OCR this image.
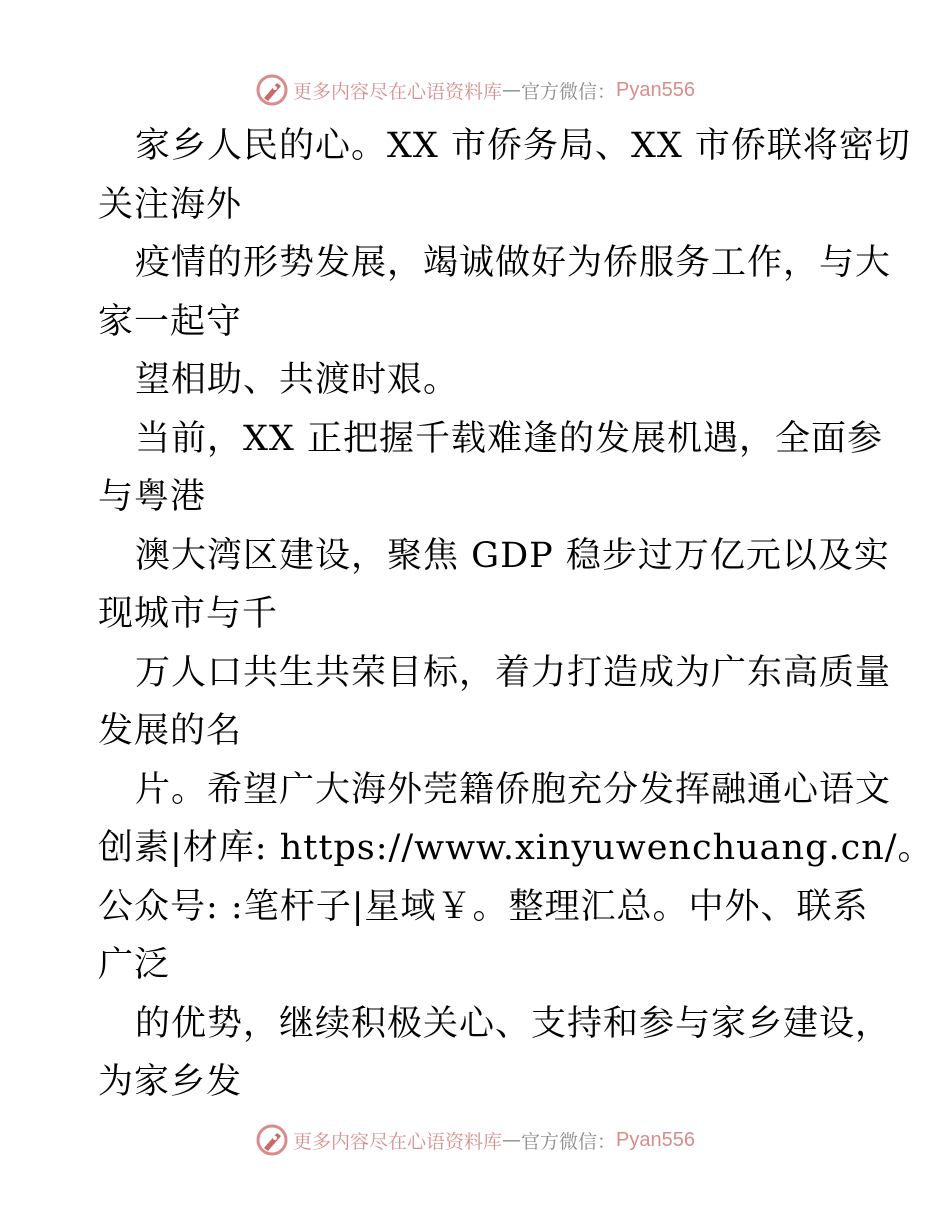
更多内容尽在心语资料库 — 官方微信： Pyan556
家乡人民的心。XX 市侨务局、XX 市侨联将密切
关注海外
疫情的形势发展，竭诚做好为侨服务工作，与大
家一起守
望相助、共渡时艰。
当前，XX 正把握千载难逢的发展机遇，全面参
与粤港
澳大湾区建设，聚焦 GDP 稳步过万亿元以及实
现城市与千
万人口共生共荣目标，着力打造成为广东高质量
发展的名
片。希望广大海外莞籍侨胞充分发挥融通心语文
创素|材库: https://www.xinyuwenchuang.cn/。
公众号: :笔杆子|星域￥。整理汇总。中外、联系
广泛
的优势，继续积极关心、支持和参与家乡建设，
为家乡发
更多内容尽在心语资料库 — 官方微信： Pyan556
